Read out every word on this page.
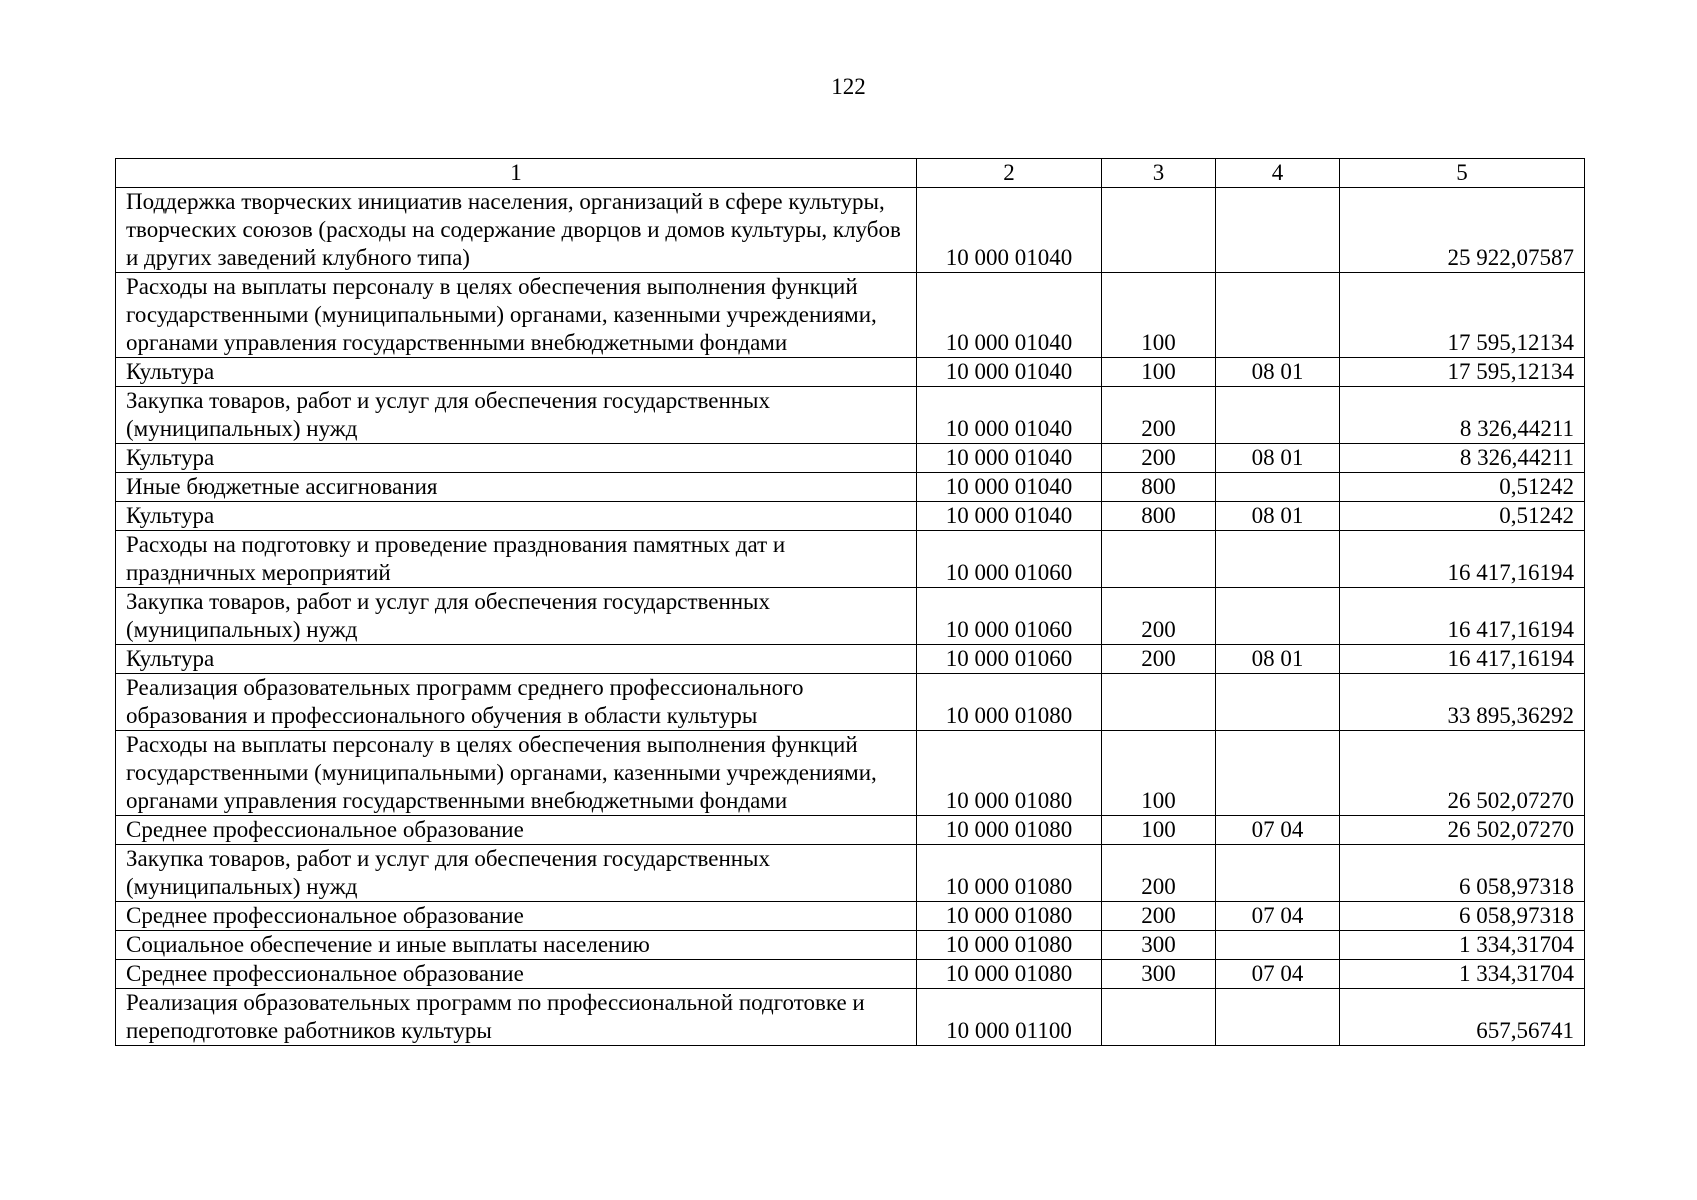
122
1	2	3	4	5
Поддержка творческих инициатив населения, организаций в сфере культуры, творческих союзов (расходы на содержание дворцов и домов культуры, клубов и других заведений клубного типа)	10 000 01040			25 922,07587
Расходы на выплаты персоналу в целях обеспечения выполнения функций государственными (муниципальными) органами, казенными учреждениями, органами управления государственными внебюджетными фондами	10 000 01040	100		17 595,12134
Культура	10 000 01040	100	08 01	17 595,12134
Закупка товаров, работ и услуг для обеспечения государственных (муниципальных) нужд	10 000 01040	200		8 326,44211
Культура	10 000 01040	200	08 01	8 326,44211
Иные бюджетные ассигнования	10 000 01040	800		0,51242
Культура	10 000 01040	800	08 01	0,51242
Расходы на подготовку и проведение празднования памятных дат и праздничных мероприятий	10 000 01060			16 417,16194
Закупка товаров, работ и услуг для обеспечения государственных (муниципальных) нужд	10 000 01060	200		16 417,16194
Культура	10 000 01060	200	08 01	16 417,16194
Реализация образовательных программ среднего профессионального образования и профессионального обучения в области культуры	10 000 01080			33 895,36292
Расходы на выплаты персоналу в целях обеспечения выполнения функций государственными (муниципальными) органами, казенными учреждениями, органами управления государственными внебюджетными фондами	10 000 01080	100		26 502,07270
Среднее профессиональное образование	10 000 01080	100	07 04	26 502,07270
Закупка товаров, работ и услуг для обеспечения государственных (муниципальных) нужд	10 000 01080	200		6 058,97318
Среднее профессиональное образование	10 000 01080	200	07 04	6 058,97318
Социальное обеспечение и иные выплаты населению	10 000 01080	300		1 334,31704
Среднее профессиональное образование	10 000 01080	300	07 04	1 334,31704
Реализация образовательных программ по профессиональной подготовке и переподготовке работников культуры	10 000 01100			657,56741
